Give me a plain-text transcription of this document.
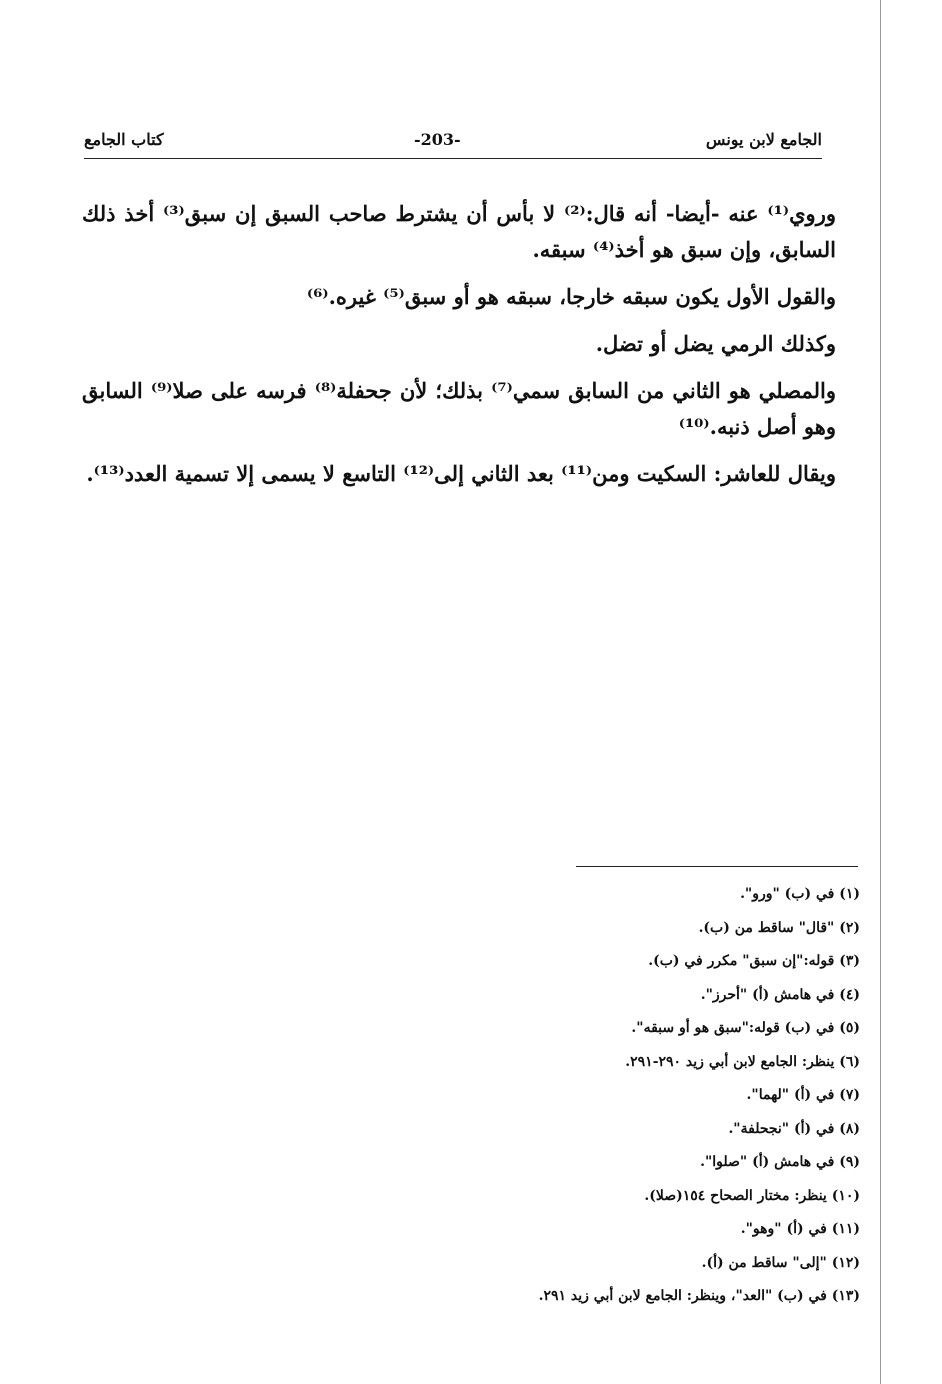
كتاب الجامع	-203-	الجامع لابن يونس

وروي⁽¹⁾ عنه -أيضا- أنه قال:⁽²⁾ لا بأس أن يشترط صاحب السبق إن سبق⁽³⁾ أخذ ذلك السابق، وإن سبق هو أخذ⁽⁴⁾ سبقه.

والقول الأول يكون سبقه خارجا، سبقه هو أو سبق⁽⁵⁾ غيره.⁽⁶⁾

وكذلك الرمي يضل أو تضل.

والمصلي هو الثاني من السابق سمي⁽⁷⁾ بذلك؛ لأن جحفلة⁽⁸⁾ فرسه على صلا⁽⁹⁾ السابق وهو أصل ذنبه.⁽¹⁰⁾

ويقال للعاشر: السكيت ومن⁽¹¹⁾ بعد الثاني إلى⁽¹²⁾ التاسع لا يسمى إلا تسمية العدد⁽¹³⁾.

(١) في (ب) "ورو".
(٢) "قال" ساقط من (ب).
(٣) قوله:"إن سبق" مكرر في (ب).
(٤) في هامش (أ) "أحرز".
(٥) في (ب) قوله:"سبق هو أو سبقه".
(٦) ينظر: الجامع لابن أبي زيد ٢٩٠-٢٩١.
(٧) في (أ) "لهما".
(٨) في (أ) "نجحلفة".
(٩) في هامش (أ) "صلوا".
(١٠) ينظر: مختار الصحاح ١٥٤(صلا).
(١١) في (أ) "وهو".
(١٢) "إلى" ساقط من (أ).
(١٣) في (ب) "العد"، وينظر: الجامع لابن أبي زيد ٢٩١.
